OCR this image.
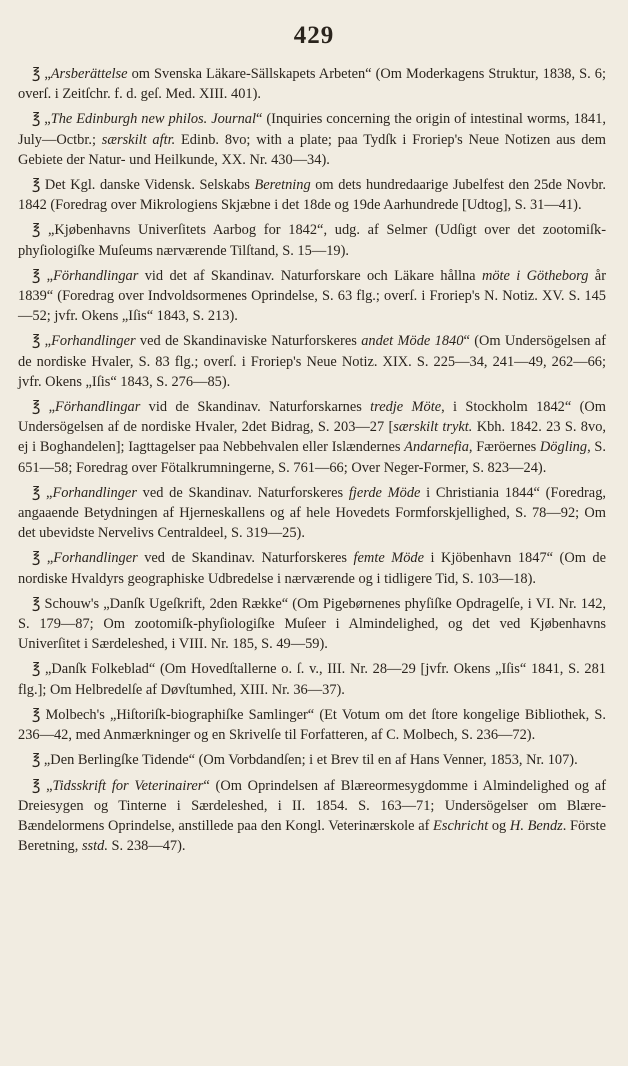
429

℥ „Arsberättelse om Svenska Läkare-Sällskapets Arbeten“ (Om Moderkagens Struktur, 1838, S. 6; overſ. i Zeitſchr. f. d. geſ. Med. XIII. 401).

℥ „The Edinburgh new philos. Journal“ (Inquiries concerning the origin of intestinal worms, 1841, July—Octbr.; særskilt aftr. Edinb. 8vo; with a plate; paa Tydſk i Froriep's Neue Notizen aus dem Gebiete der Natur- und Heilkunde, XX. Nr. 430—34).

℥ Det Kgl. danske Vidensk. Selskabs Beretning om dets hundredaarige Jubelfest den 25de Novbr. 1842 (Foredrag over Mikrologiens Skjæbne i det 18de og 19de Aarhundrede [Udtog], S. 31—41).

℥ „Kjøbenhavns Univerſitets Aarbog for 1842“, udg. af Selmer (Udſigt over det zootomiſk-phyſiologiſke Muſeums nærværende Tilſtand, S. 15—19).

℥ „Förhandlingar vid det af Skandinav. Naturforskare och Läkare hållna möte i Götheborg år 1839“ (Foredrag over Indvoldsormenes Oprindelse, S. 63 flg.; overſ. i Froriep's N. Notiz. XV. S. 145—52; jvfr. Okens „Iſis“ 1843, S. 213).

℥ „Forhandlinger ved de Skandinaviske Naturforskeres andet Möde 1840“ (Om Undersögelsen af de nordiske Hvaler, S. 83 flg.; overſ. i Froriep's Neue Notiz. XIX. S. 225—34, 241—49, 262—66; jvfr. Okens „Iſis“ 1843, S. 276—85).

℥ „Förhandlingar vid de Skandinav. Naturforskarnes tredje Möte, i Stockholm 1842“ (Om Undersögelsen af de nordiske Hvaler, 2det Bidrag, S. 203—27 [særskilt trykt. Kbh. 1842. 23 S. 8vo, ej i Boghandelen]; Iagttagelser paa Nebbehvalen eller Islændernes Andarnefia, Færöernes Dögling, S. 651—58; Foredrag over Fötalkrumningerne, S. 761—66; Over Neger-Former, S. 823—24).

℥ „Forhandlinger ved de Skandinav. Naturforskeres fjerde Möde i Christiania 1844“ (Foredrag, angaaende Betydningen af Hjerneskallens og af hele Hovedets Formforskjellighed, S. 78—92; Om det ubevidste Nervelivs Centraldeel, S. 319—25).

℥ „Forhandlinger ved de Skandinav. Naturforskeres femte Möde i Kjöbenhavn 1847“ (Om de nordiske Hvaldyrs geographiske Udbredelse i nærværende og i tidligere Tid, S. 103—18).

℥ Schouw's „Danſk Ugeſkrift, 2den Række“ (Om Pigebørnenes phyſiſke Opdragelſe, i VI. Nr. 142, S. 179—87; Om zootomiſk-phyſiologiſke Muſeer i Almindelighed, og det ved Kjøbenhavns Univerſitet i Særdeleshed, i VIII. Nr. 185, S. 49—59).

℥ „Danſk Folkeblad“ (Om Hovedſtallerne o. ſ. v., III. Nr. 28—29 [jvfr. Okens „Iſis“ 1841, S. 281 flg.]; Om Helbredelſe af Døvſtumhed, XIII. Nr. 36—37).

℥ Molbech's „Hiſtoriſk-biographiſke Samlinger“ (Et Votum om det ſtore kongelige Bibliothek, S. 236—42, med Anmærkninger og en Skrivelſe til Forfatteren, af C. Molbech, S. 236—72).

℥ „Den Berlingſke Tidende“ (Om Vorbdandſen; i et Brev til en af Hans Venner, 1853, Nr. 107).

℥ „Tidsskrift for Veterinairer“ (Om Oprindelsen af Blæreormesygdomme i Almindelighed og af Dreiesygen og Tinterne i Særdeleshed, i II. 1854. S. 163—71; Undersögelser om Blære-Bændelormens Oprindelse, anstillede paa den Kongl. Veterinærskole af Eschricht og H. Bendz. Förste Beretning, sstd. S. 238—47).
